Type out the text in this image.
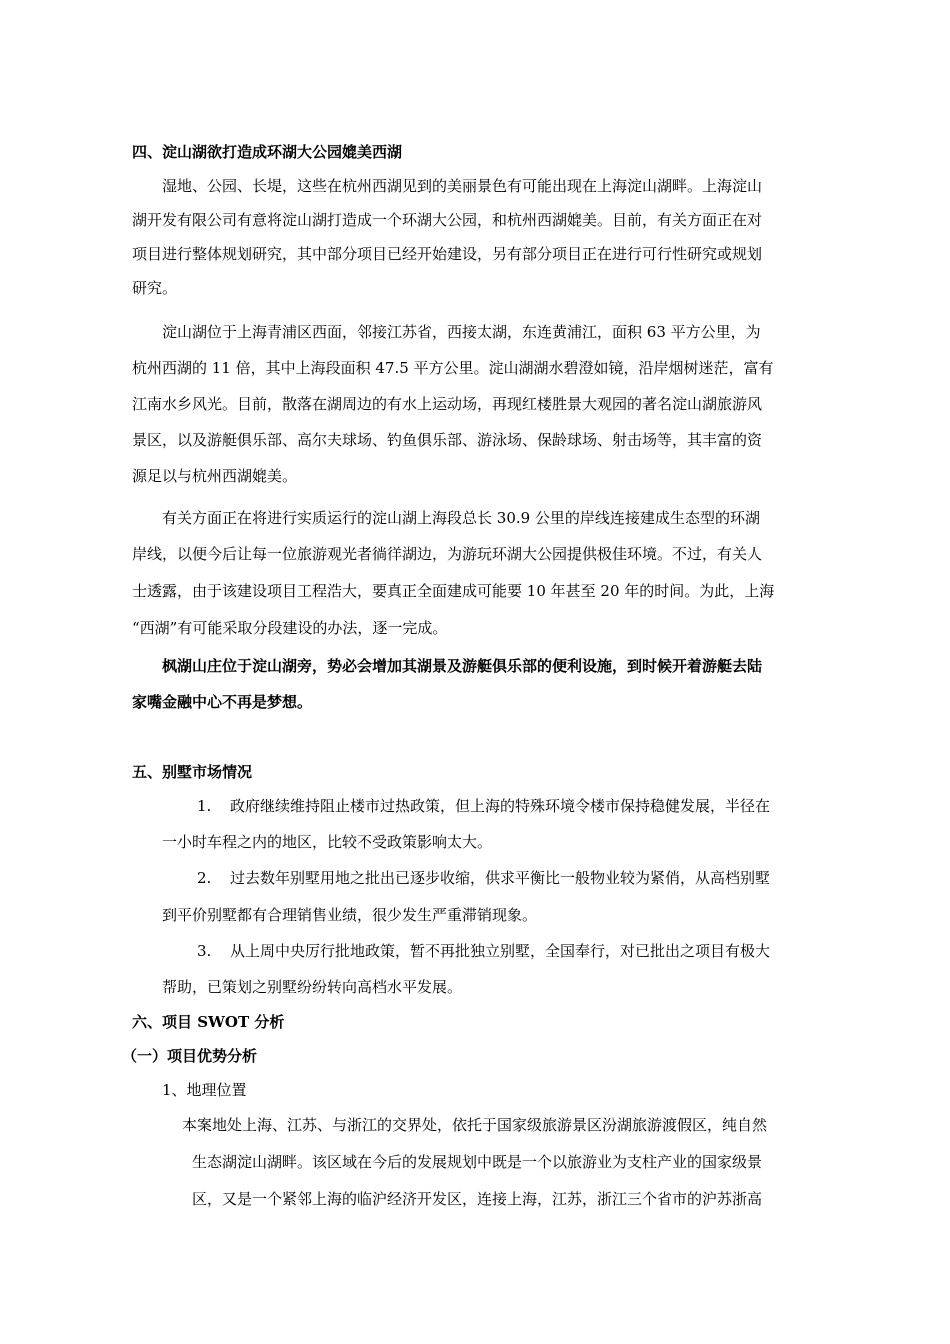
四、淀山湖欲打造成环湖大公园媲美西湖
湿地、公园、长堤，这些在杭州西湖见到的美丽景色有可能出现在上海淀山湖畔。上海淀山
湖开发有限公司有意将淀山湖打造成一个环湖大公园，和杭州西湖媲美。目前，有关方面正在对
项目进行整体规划研究，其中部分项目已经开始建设，另有部分项目正在进行可行性研究或规划
研究。
淀山湖位于上海青浦区西面，邻接江苏省，西接太湖，东连黄浦江，面积 63 平方公里，为
杭州西湖的 11 倍，其中上海段面积 47.5 平方公里。淀山湖湖水碧澄如镜，沿岸烟树迷茫，富有
江南水乡风光。目前，散落在湖周边的有水上运动场，再现红楼胜景大观园的著名淀山湖旅游风
景区，以及游艇俱乐部、高尔夫球场、钓鱼俱乐部、游泳场、保龄球场、射击场等，其丰富的资
源足以与杭州西湖媲美。
有关方面正在将进行实质运行的淀山湖上海段总长 30.9 公里的岸线连接建成生态型的环湖
岸线，以便今后让每一位旅游观光者徜徉湖边，为游玩环湖大公园提供极佳环境。不过，有关人
士透露，由于该建设项目工程浩大，要真正全面建成可能要 10 年甚至 20 年的时间。为此，上海
“西湖”有可能采取分段建设的办法，逐一完成。
枫湖山庄位于淀山湖旁，势必会增加其湖景及游艇俱乐部的便利设施，到时候开着游艇去陆
家嘴金融中心不再是梦想。
五、别墅市场情况
1. 政府继续维持阻止楼市过热政策，但上海的特殊环境令楼市保持稳健发展，半径在
一小时车程之内的地区，比较不受政策影响太大。
2. 过去数年别墅用地之批出已逐步收缩，供求平衡比一般物业较为紧俏，从高档别墅
到平价别墅都有合理销售业绩，很少发生严重滞销现象。
3. 从上周中央厉行批地政策，暂不再批独立别墅，全国奉行，对已批出之项目有极大
帮助，已策划之别墅纷纷转向高档水平发展。
六、项目 SWOT 分析
（一）项目优势分析
1、地理位置
本案地处上海、江苏、与浙江的交界处，依托于国家级旅游景区汾湖旅游渡假区，纯自然
生态湖淀山湖畔。该区域在今后的发展规划中既是一个以旅游业为支柱产业的国家级景
区，又是一个紧邻上海的临沪经济开发区，连接上海，江苏，浙江三个省市的沪苏浙高
